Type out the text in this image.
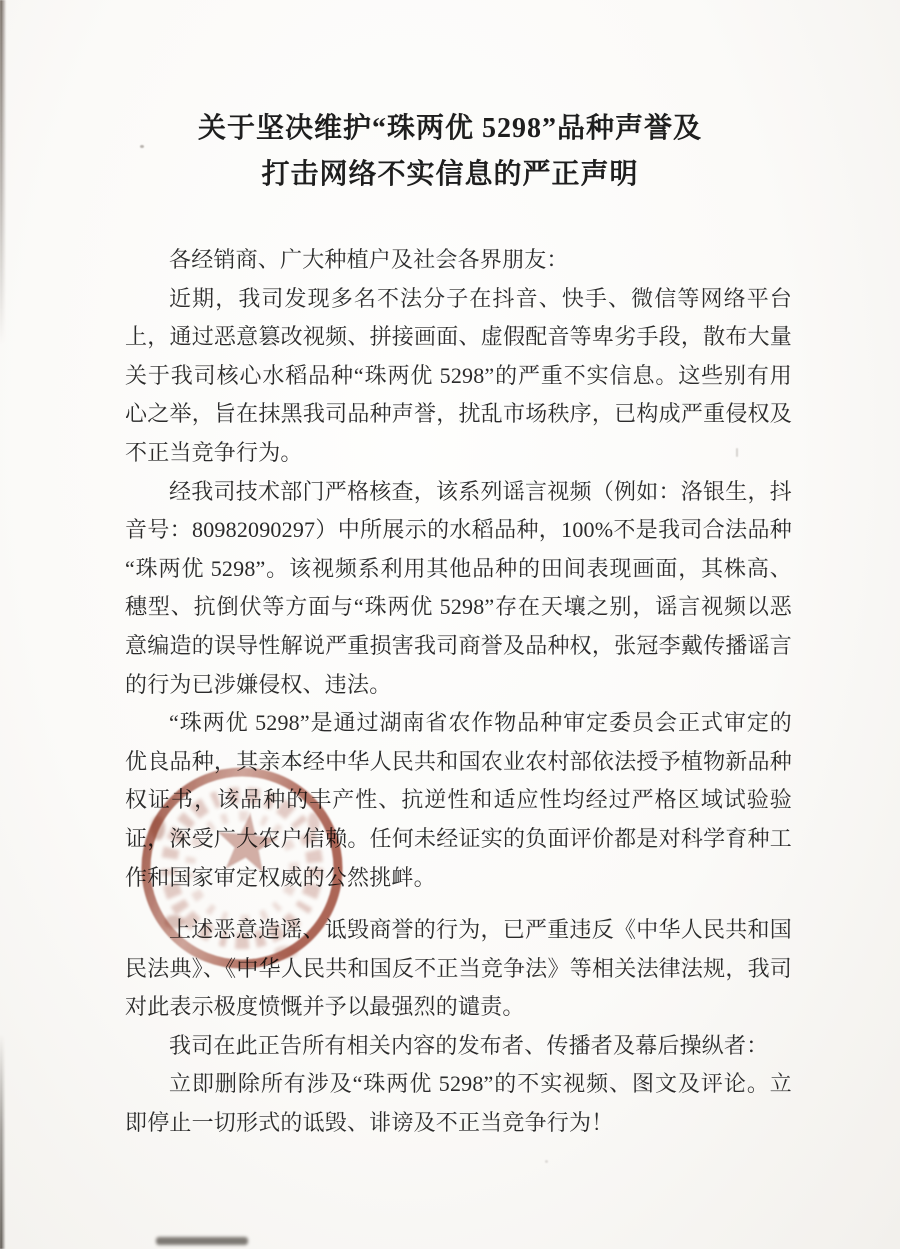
关于坚决维护“珠两优 5298”品种声誉及
打击网络不实信息的严正声明

各经销商、广大种植户及社会各界朋友：

近期，我司发现多名不法分子在抖音、快手、微信等网络平台上，通过恶意篡改视频、拼接画面、虚假配音等卑劣手段，散布大量关于我司核心水稻品种“珠两优 5298”的严重不实信息。这些别有用心之举，旨在抹黑我司品种声誉，扰乱市场秩序，已构成严重侵权及不正当竞争行为。

经我司技术部门严格核查，该系列谣言视频（例如：洛银生，抖音号：80982090297）中所展示的水稻品种，100%不是我司合法品种“珠两优 5298”。该视频系利用其他品种的田间表现画面，其株高、穗型、抗倒伏等方面与“珠两优 5298”存在天壤之别，谣言视频以恶意编造的误导性解说严重损害我司商誉及品种权，张冠李戴传播谣言的行为已涉嫌侵权、违法。

“珠两优 5298”是通过湖南省农作物品种审定委员会正式审定的优良品种，其亲本经中华人民共和国农业农村部依法授予植物新品种权证书，该品种的丰产性、抗逆性和适应性均经过严格区域试验验证，深受广大农户信赖。任何未经证实的负面评价都是对科学育种工作和国家审定权威的公然挑衅。

上述恶意造谣、诋毁商誉的行为，已严重违反《中华人民共和国民法典》、《中华人民共和国反不正当竞争法》等相关法律法规，我司对此表示极度愤慨并予以最强烈的谴责。

我司在此正告所有相关内容的发布者、传播者及幕后操纵者：

立即删除所有涉及“珠两优 5298”的不实视频、图文及评论。立即停止一切形式的诋毁、诽谤及不正当竞争行为！
